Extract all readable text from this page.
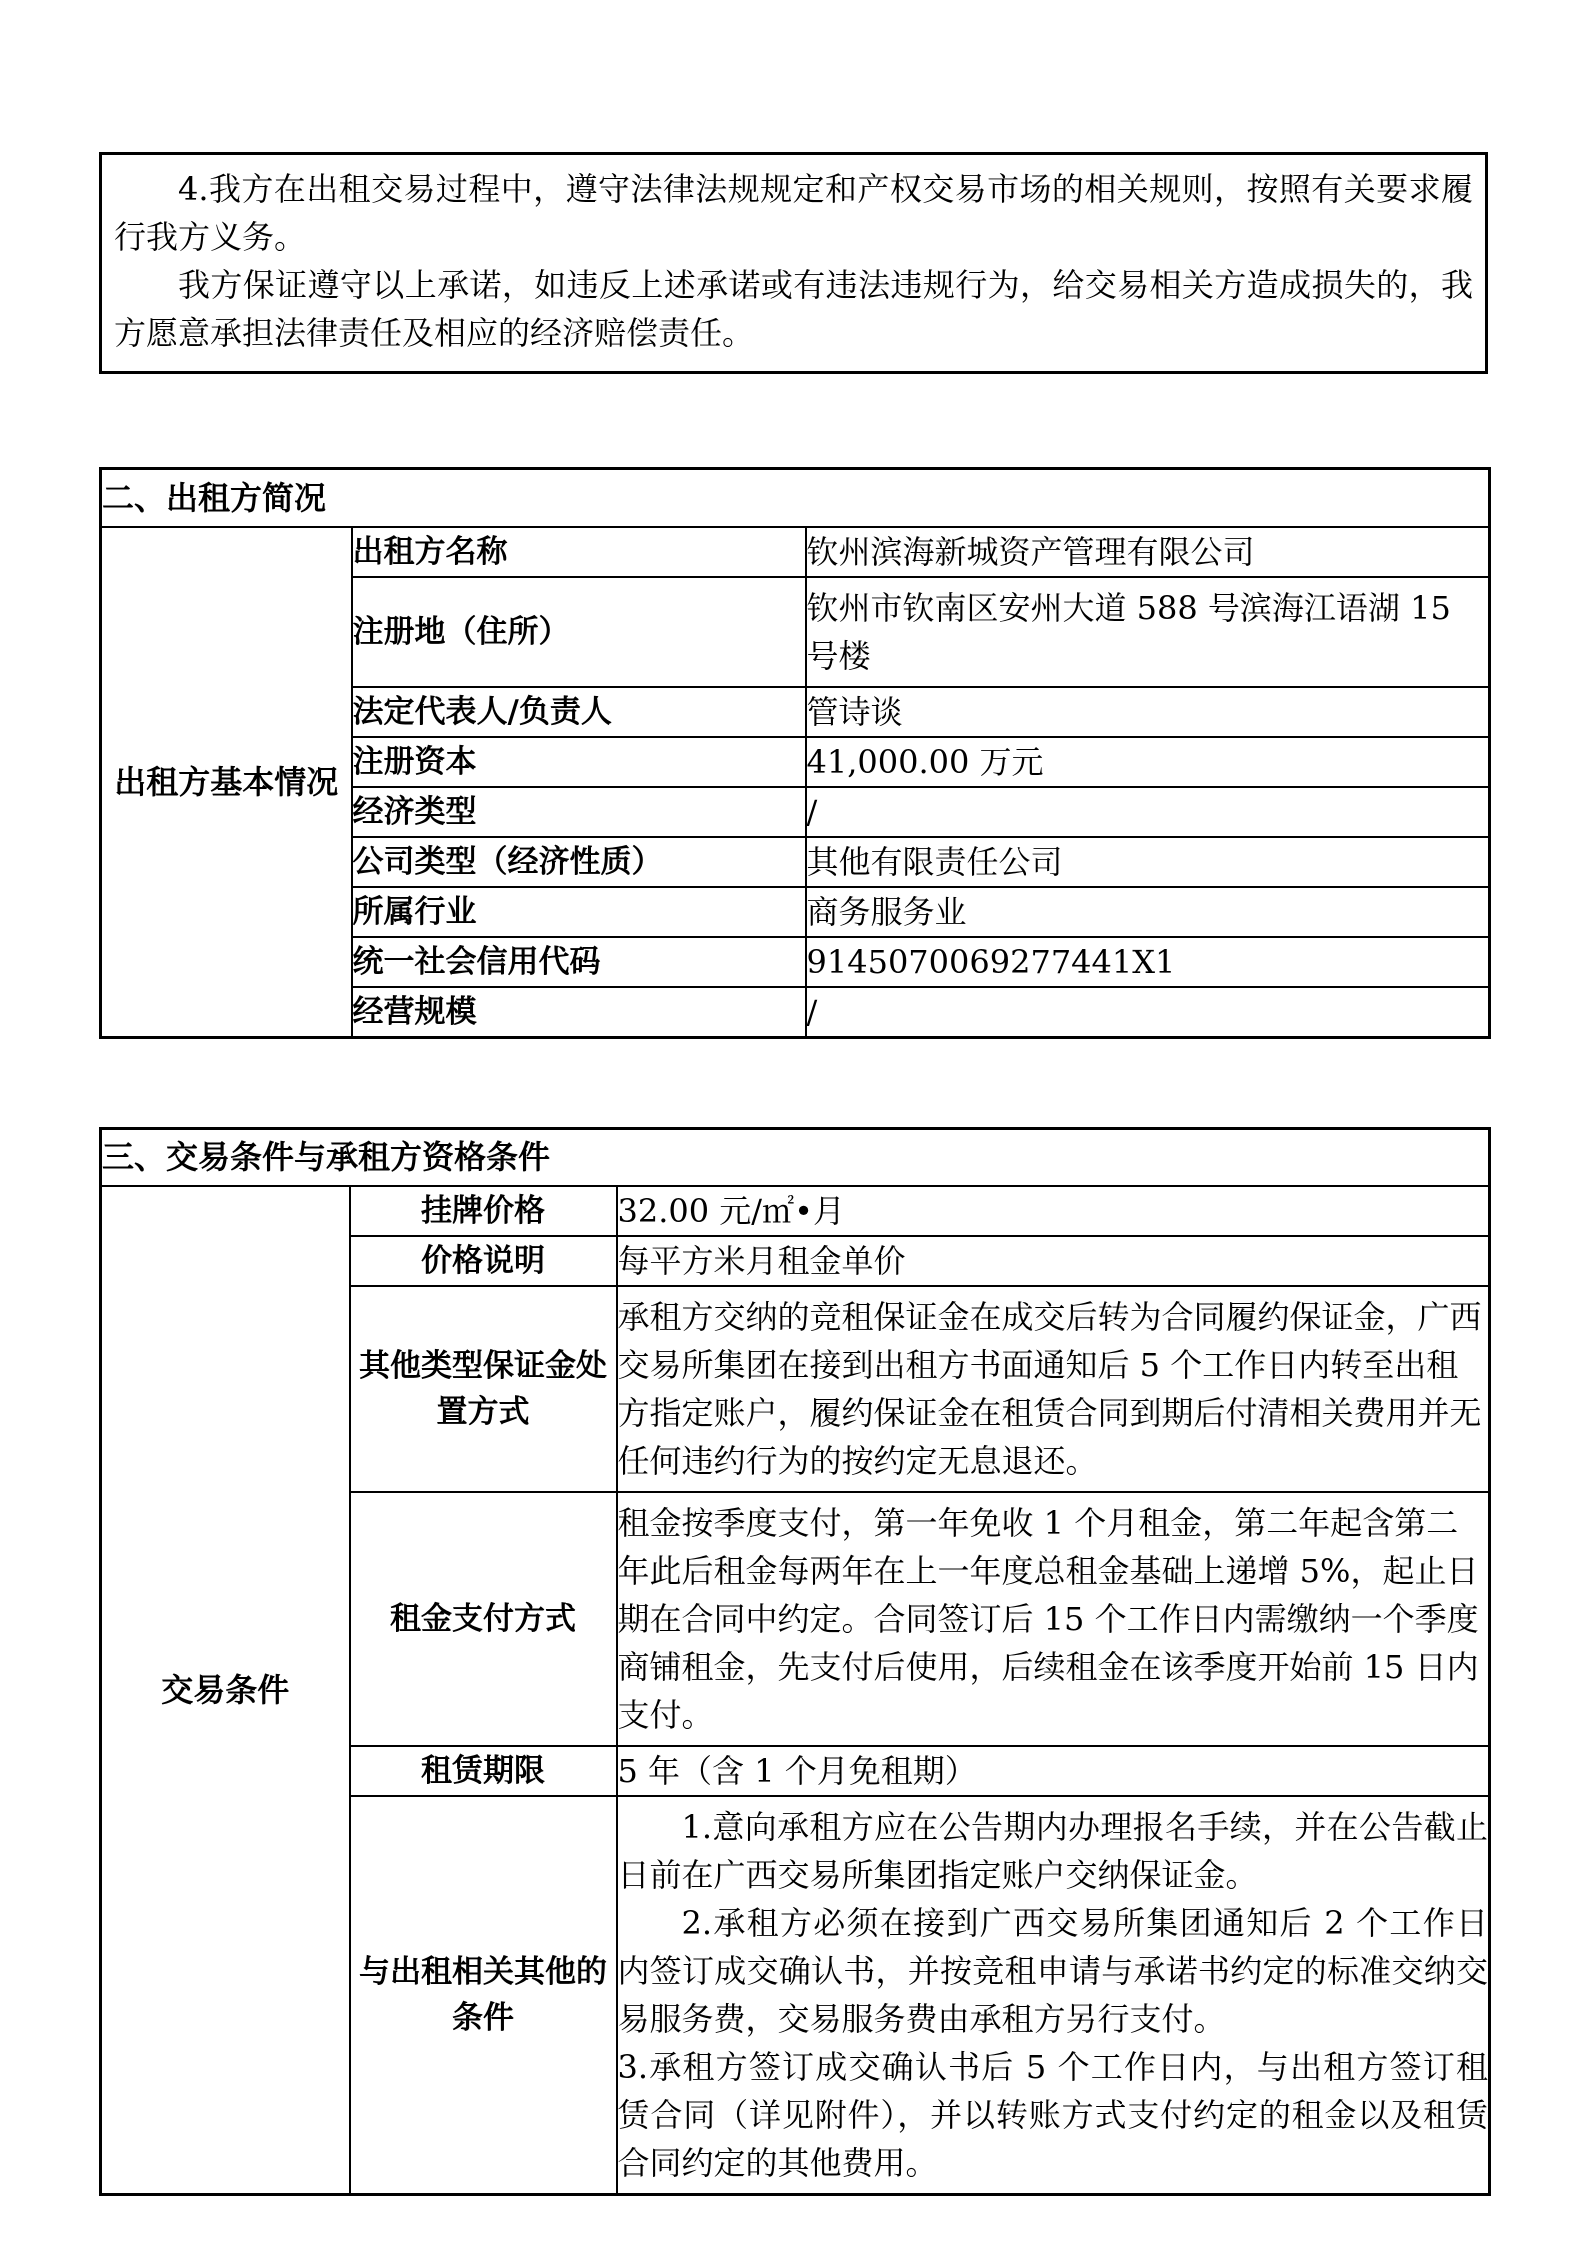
4.我方在出租交易过程中，遵守法律法规规定和产权交易市场的相关规则，按照有关要求履行我方义务。

我方保证遵守以上承诺，如违反上述承诺或有违法违规行为，给交易相关方造成损失的，我方愿意承担法律责任及相应的经济赔偿责任。

二、出租方简况		
出租方基本情况	出租方名称	钦州滨海新城资产管理有限公司
	注册地（住所）	钦州市钦南区安州大道 588 号滨海江语湖 15 号楼
	法定代表人/负责人	管诗谈
	注册资本	41,000.00 万元
	经济类型	/
	公司类型（经济性质）	其他有限责任公司
	所属行业	商务服务业
	统一社会信用代码	9145070069277441X1
	经营规模	/
三、交易条件与承租方资格条件		
交易条件	挂牌价格	32.00 元/㎡•月
	价格说明	每平方米月租金单价
	其他类型保证金处置方式	承租方交纳的竞租保证金在成交后转为合同履约保证金，广西交易所集团在接到出租方书面通知后 5 个工作日内转至出租方指定账户，履约保证金在租赁合同到期后付清相关费用并无任何违约行为的按约定无息退还。
	租金支付方式	租金按季度支付，第一年免收 1 个月租金，第二年起含第二年此后租金每两年在上一年度总租金基础上递增 5%，起止日期在合同中约定。合同签订后 15 个工作日内需缴纳一个季度商铺租金，先支付后使用，后续租金在该季度开始前 15 日内支付。
	租赁期限	5 年（含 1 个月免租期）
	与出租相关其他的条件	1.意向承租方应在公告期内办理报名手续，并在公告截止日前在广西交易所集团指定账户交纳保证金。

2.承租方必须在接到广西交易所集团通知后 2 个工作日内签订成交确认书，并按竞租申请与承诺书约定的标准交纳交易服务费，交易服务费由承租方另行支付。

3.承租方签订成交确认书后 5 个工作日内，与出租方签订租赁合同（详见附件），并以转账方式支付约定的租金以及租赁合同约定的其他费用。
